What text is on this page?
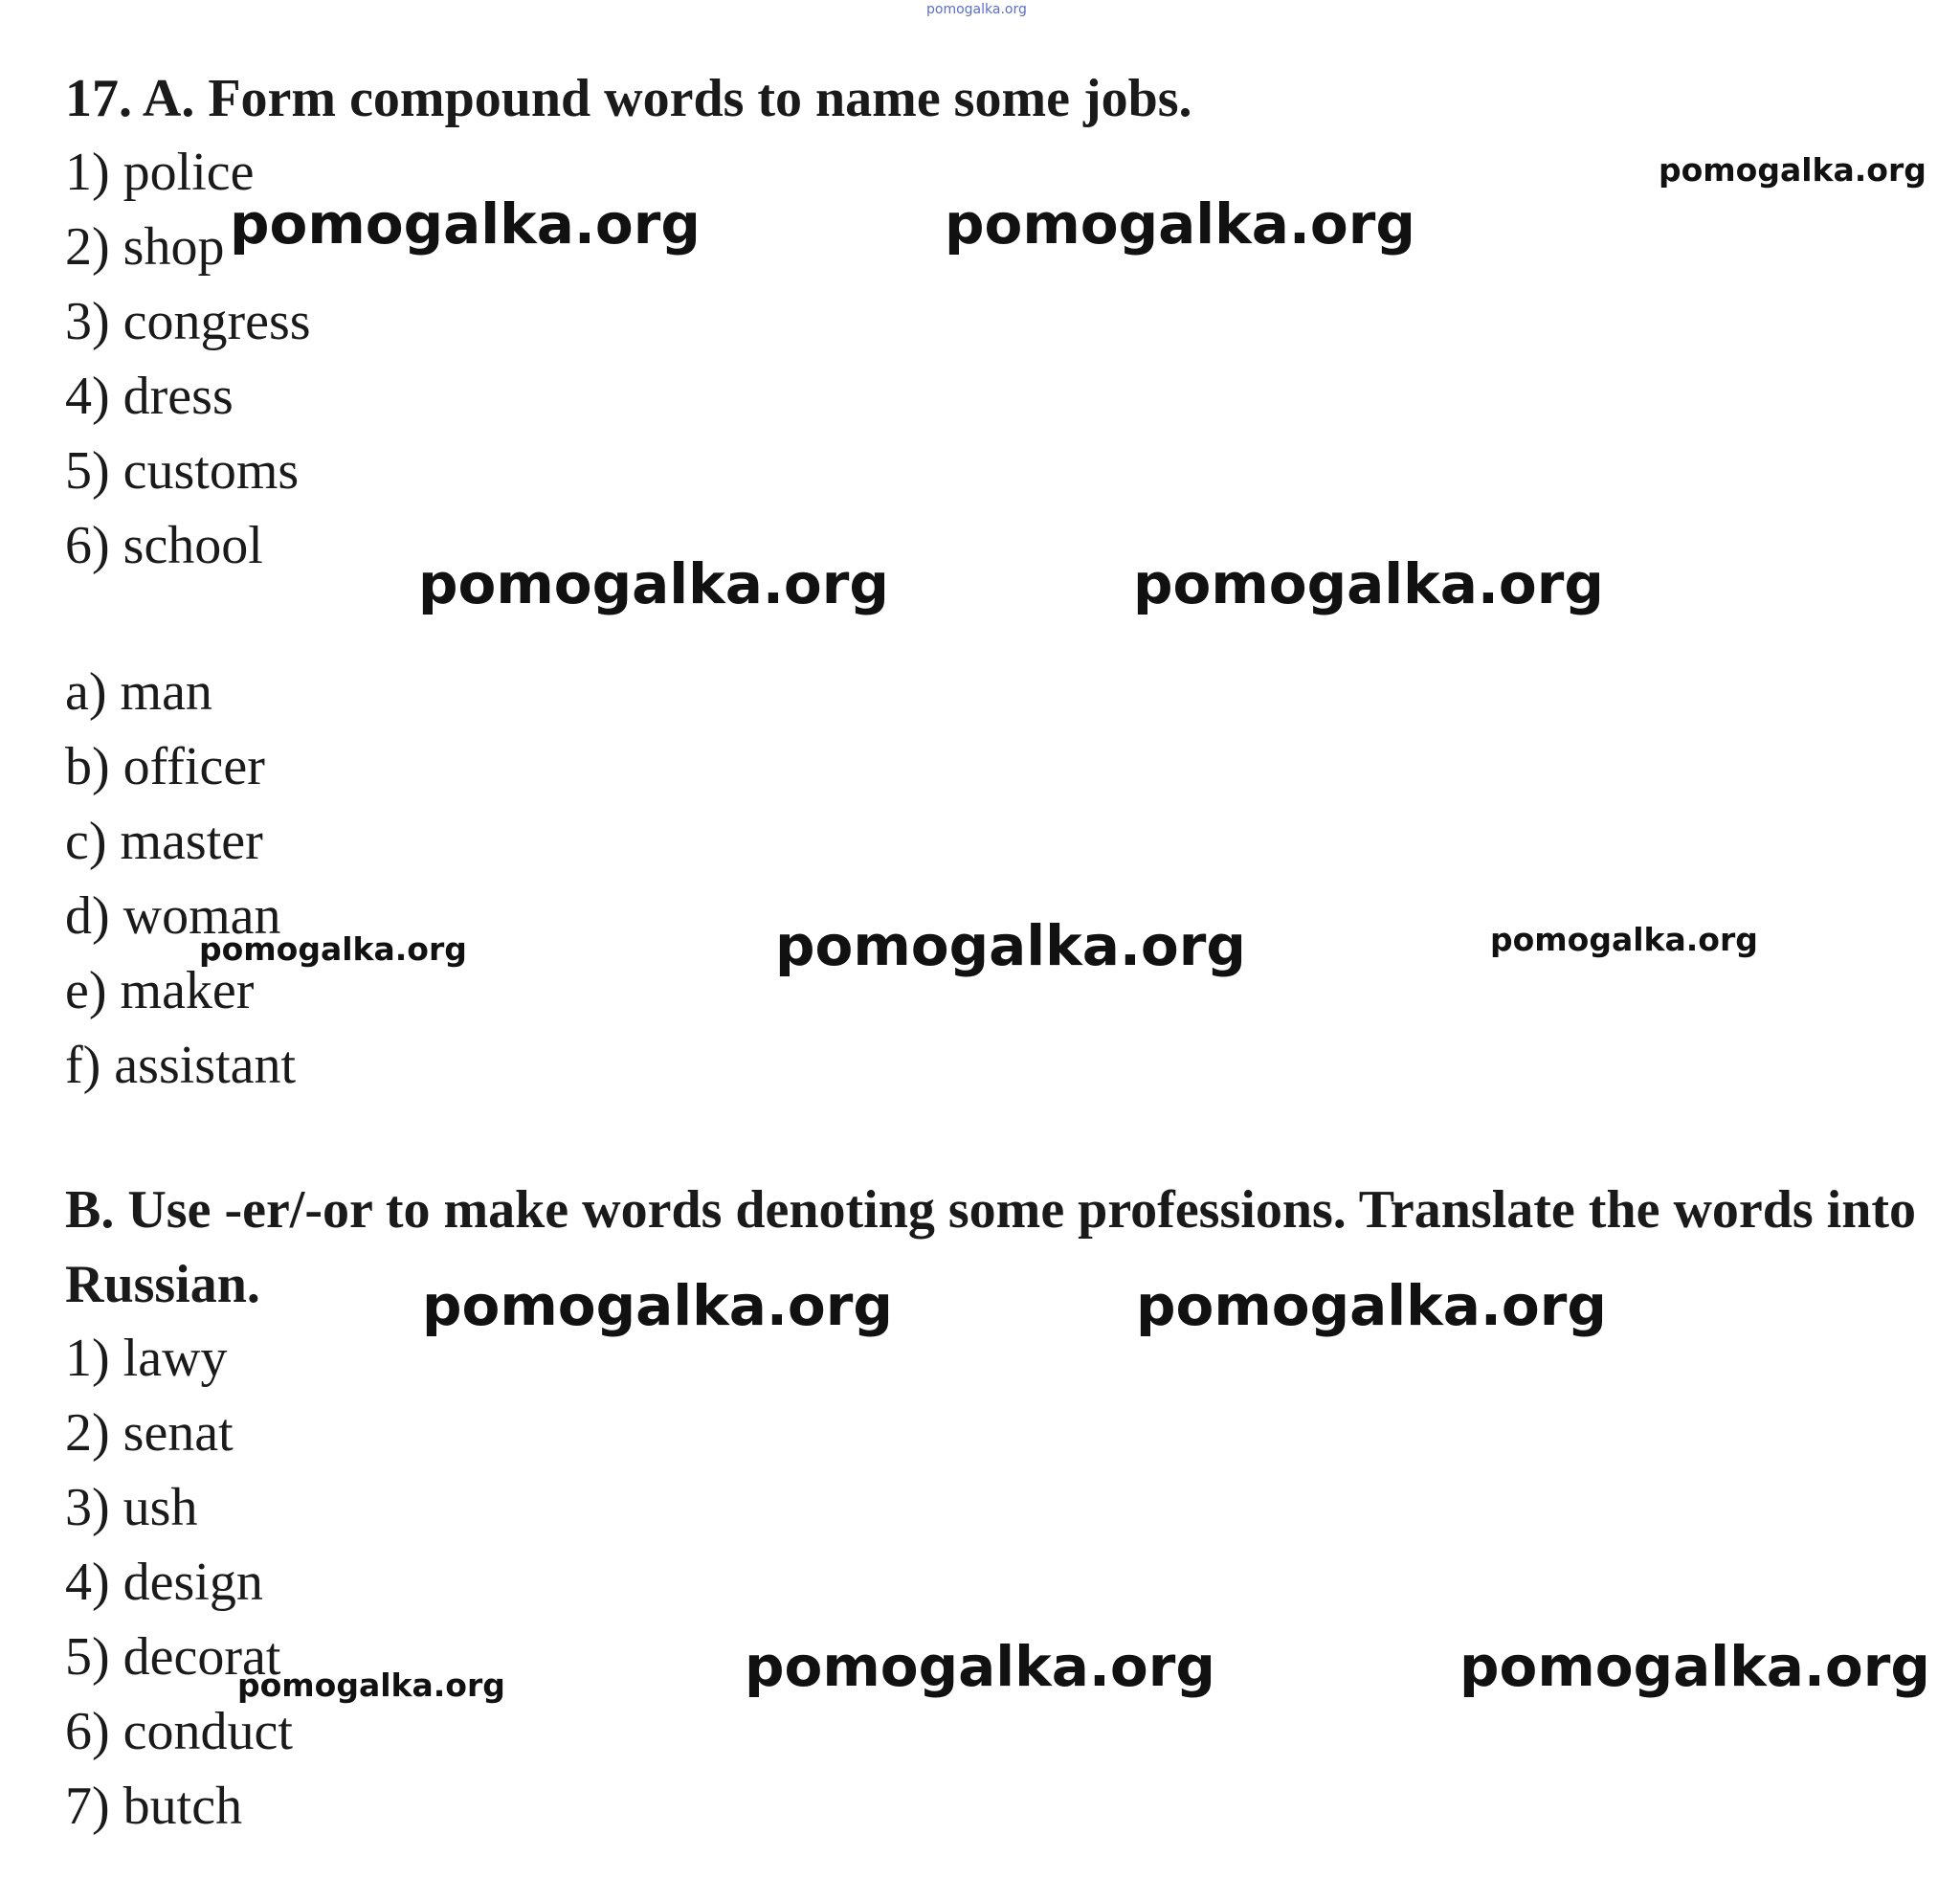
pomogalka.org
17. A. Form compound words to name some jobs.
1) police
2) shop
3) congress
4) dress
5) customs
6) school
a) man
b) officer
c) master
d) woman
e) maker
f) assistant
B. Use -er/-or to make words denoting some professions. Translate the words into Russian.
1) lawy
2) senat
3) ush
4) design
5) decorat
6) conduct
7) butch
pomogalka.org
pomogalka.org	pomogalka.org
pomogalka.org	pomogalka.org
pomogalka.org	pomogalka.org	pomogalka.org
pomogalka.org	pomogalka.org
pomogalka.org	pomogalka.org	pomogalka.org
